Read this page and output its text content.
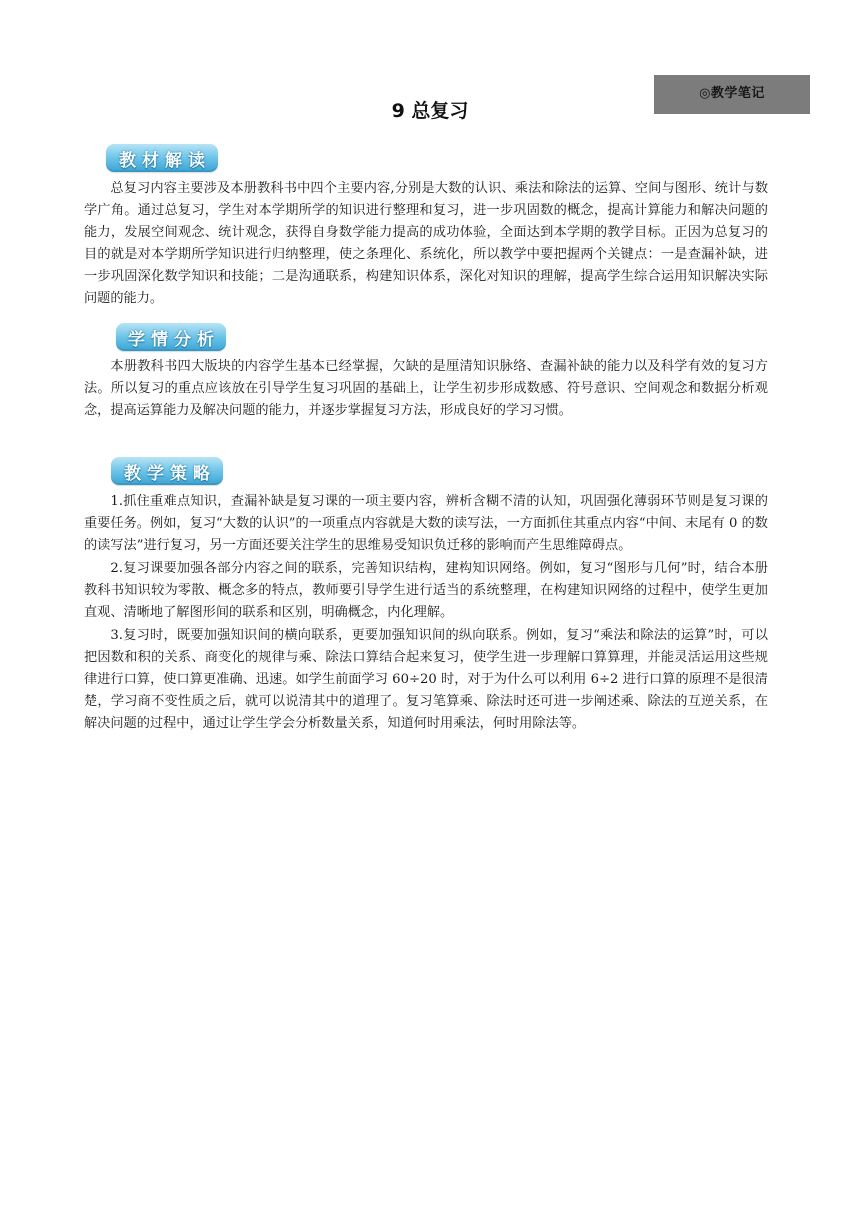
◎教学笔记
9 总复习
教 材 解 读

总复习内容主要涉及本册教科书中四个主要内容,分别是大数的认识、乘法和除法的运算、空间与图形、统计与数学广角。通过总复习，学生对本学期所学的知识进行整理和复习，进一步巩固数的概念，提高计算能力和解决问题的能力，发展空间观念、统计观念，获得自身数学能力提高的成功体验，全面达到本学期的教学目标。正因为总复习的目的就是对本学期所学知识进行归纳整理，使之条理化、系统化，所以教学中要把握两个关键点：一是查漏补缺，进一步巩固深化数学知识和技能；二是沟通联系，构建知识体系，深化对知识的理解，提高学生综合运用知识解决实际问题的能力。

学 情 分 析

本册教科书四大版块的内容学生基本已经掌握，欠缺的是厘清知识脉络、查漏补缺的能力以及科学有效的复习方法。所以复习的重点应该放在引导学生复习巩固的基础上，让学生初步形成数感、符号意识、空间观念和数据分析观念，提高运算能力及解决问题的能力，并逐步掌握复习方法，形成良好的学习习惯。

教 学 策 略
1.抓住重难点知识，查漏补缺是复习课的一项主要内容，辨析含糊不清的认知，巩固强化薄弱环节则是复习课的重要任务。例如，复习“大数的认识”的一项重点内容就是大数的读写法，一方面抓住其重点内容“中间、末尾有 0 的数的读写法”进行复习，另一方面还要关注学生的思维易受知识负迁移的影响而产生思维障碍点。
2.复习课要加强各部分内容之间的联系，完善知识结构，建构知识网络。例如，复习“图形与几何”时，结合本册教科书知识较为零散、概念多的特点，教师要引导学生进行适当的系统整理，在构建知识网络的过程中，使学生更加直观、清晰地了解图形间的联系和区别，明确概念，内化理解。
3.复习时，既要加强知识间的横向联系，更要加强知识间的纵向联系。例如，复习“乘法和除法的运算”时，可以把因数和积的关系、商变化的规律与乘、除法口算结合起来复习，使学生进一步理解口算算理，并能灵活运用这些规律进行口算，使口算更准确、迅速。如学生前面学习 60÷20 时，对于为什么可以利用 6÷2 进行口算的原理不是很清楚，学习商不变性质之后，就可以说清其中的道理了。复习笔算乘、除法时还可进一步阐述乘、除法的互逆关系，在解决问题的过程中，通过让学生学会分析数量关系，知道何时用乘法，何时用除法等。
